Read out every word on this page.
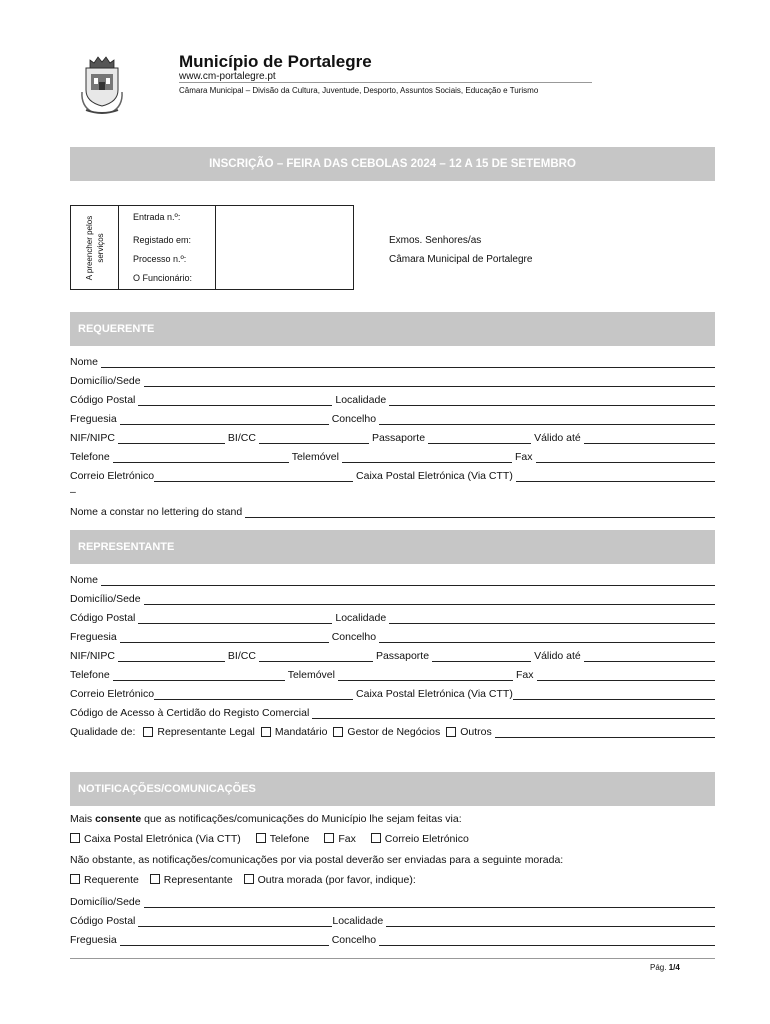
Município de Portalegre
www.cm-portalegre.pt
Câmara Municipal – Divisão da Cultura, Juventude, Desporto, Assuntos Sociais, Educação e Turismo
INSCRIÇÃO – FEIRA DAS CEBOLAS 2024 – 12 A 15 DE SETEMBRO
A preencher pelos serviços
Entrada n.º:
Registado em:
Processo n.º:
O Funcionário:
Exmos. Senhores/as
Câmara Municipal de Portalegre
REQUERENTE
Nome
Domicílio/Sede
Código Postal	Localidade
Freguesia	Concelho
NIF/NIPC	BI/CC	Passaporte	Válido até
Telefone	Telemóvel	Fax
Correio Eletrónico	Caixa Postal Eletrónica (Via CTT)
–
Nome a constar no lettering do stand
REPRESENTANTE
Nome
Domicílio/Sede
Código Postal	Localidade
Freguesia	Concelho
NIF/NIPC	BI/CC	Passaporte	Válido até
Telefone	Telemóvel	Fax
Correio Eletrónico	Caixa Postal Eletrónica (Via CTT)
Código de Acesso à Certidão do Registo Comercial
Qualidade de: Representante Legal Mandatário Gestor de Negócios Outros
NOTIFICAÇÕES/COMUNICAÇÕES
Mais consente que as notificações/comunicações do Município lhe sejam feitas via:
Caixa Postal Eletrónica (Via CTT)	Telefone	Fax	Correio Eletrónico
Não obstante, as notificações/comunicações por via postal deverão ser enviadas para a seguinte morada:
Requerente Representante Outra morada (por favor, indique):
Domicílio/Sede
Código Postal	Localidade
Freguesia	Concelho
Pág. 1/4
